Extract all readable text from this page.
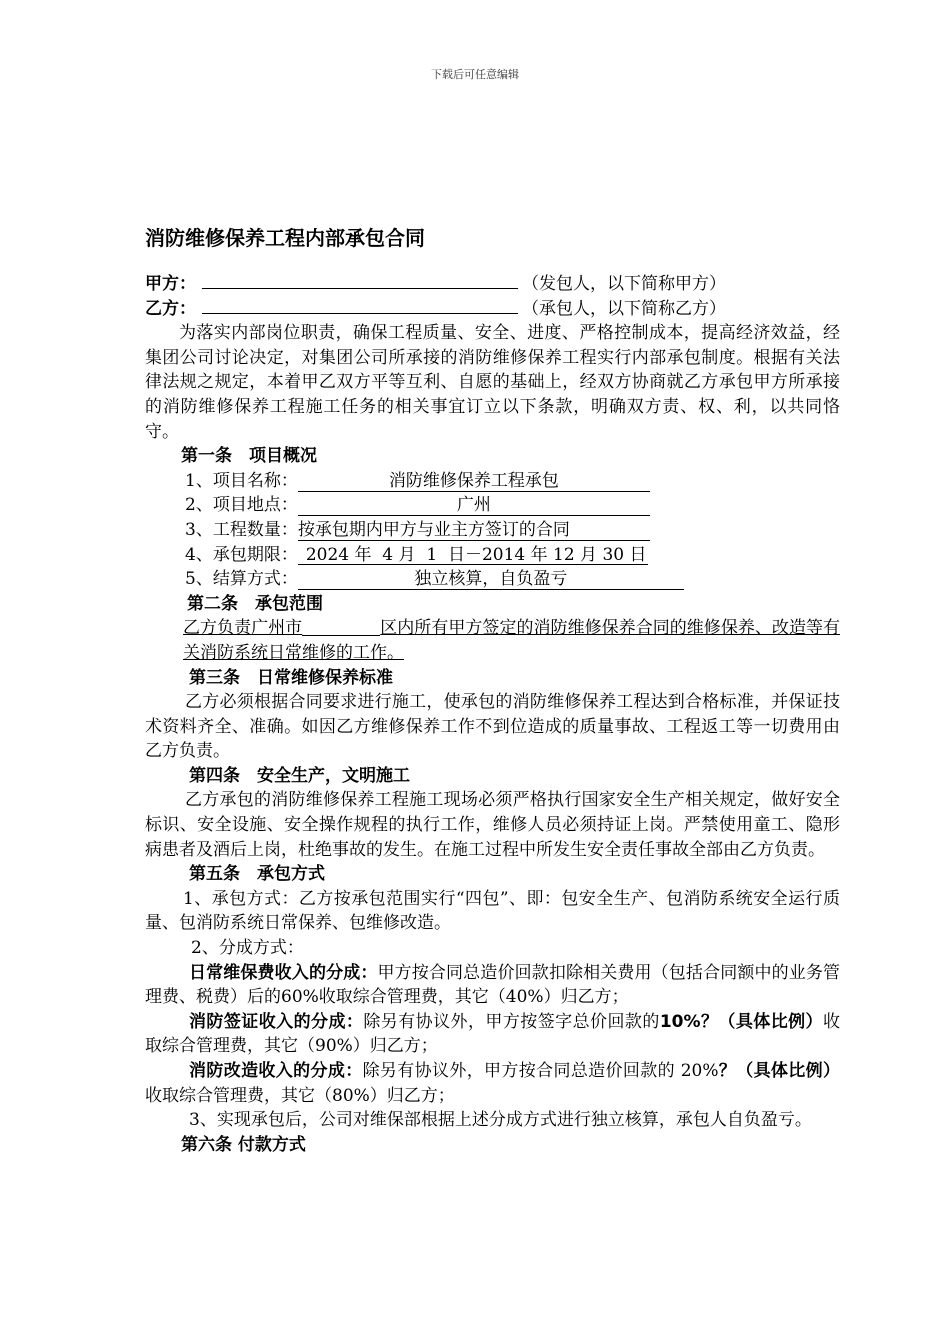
下载后可任意编辑
消防维修保养工程内部承包合同
甲方：	（发包人，以下简称甲方）
乙方：	（承包人，以下简称乙方）

为落实内部岗位职责，确保工程质量、安全、进度、严格控制成本，提高经济效益，经集团公司讨论决定，对集团公司所承接的消防维修保养工程实行内部承包制度。根据有关法律法规之规定，本着甲乙双方平等互利、自愿的基础上，经双方协商就乙方承包甲方所承接的消防维修保养工程施工任务的相关事宜订立以下条款，明确双方责、权、利，以共同恪守。

第一条　项目概况
1、项目名称：	消防维修保养工程承包
2、项目地点：	广州
3、工程数量：按承包期内甲方与业主方签订的合同
4、承包期限： 2024 年  4 月  1  日－2014 年 12 月 30 日
5、结算方式：	独立核算，自负盈亏
第二条　承包范围

乙方负责广州市	区内所有甲方签定的消防维修保养合同的维修保养、改造等有关消防系统日常维修的工作。

第三条　日常维修保养标准

乙方必须根据合同要求进行施工，使承包的消防维修保养工程达到合格标准，并保证技术资料齐全、准确。如因乙方维修保养工作不到位造成的质量事故、工程返工等一切费用由乙方负责。

第四条　安全生产，文明施工

乙方承包的消防维修保养工程施工现场必须严格执行国家安全生产相关规定，做好安全标识、安全设施、安全操作规程的执行工作，维修人员必须持证上岗。严禁使用童工、隐形病患者及酒后上岗，杜绝事故的发生。在施工过程中所发生安全责任事故全部由乙方负责。

第五条　承包方式

1、承包方式：乙方按承包范围实行“四包”、即：包安全生产、包消防系统安全运行质量、包消防系统日常保养、包维修改造。

2、分成方式：

日常维保费收入的分成：甲方按合同总造价回款扣除相关费用（包括合同额中的业务管理费、税费）后的60%收取综合管理费，其它（40%）归乙方；

消防签证收入的分成：除另有协议外，甲方按签字总价回款的10%？（具体比例）收取综合管理费，其它（90%）归乙方；

消防改造收入的分成：除另有协议外，甲方按合同总造价回款的 20%？（具体比例）收取综合管理费，其它（80%）归乙方；

3、实现承包后，公司对维保部根据上述分成方式进行独立核算，承包人自负盈亏。

第六条 付款方式
